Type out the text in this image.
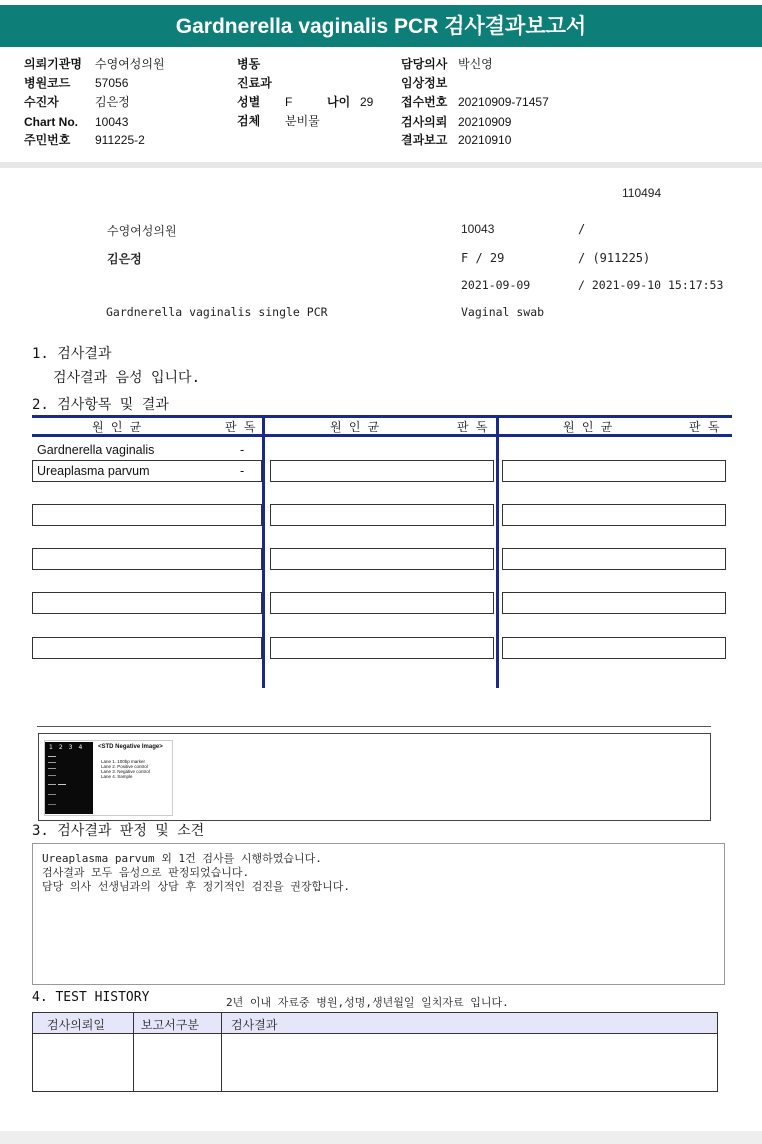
Gardnerella vaginalis PCR 검사결과보고서
의뢰기관명 수영여성의원
병원코드 57056
수진자	김은정
Chart No. 10043
주민번호 911225-2
병동
진료과
성별 F	나이 29
검체 분비물
담당의사 박신영
임상정보
접수번호 20210909-71457
검사의뢰 20210909
결과보고 20210910
110494
수영여성의원	10043	/
김은정	F / 29	/ (911225)
2021-09-09	/ 2021-09-10 15:17:53
Gardnerella vaginalis single PCR	Vaginal swab
1. 검사결과
검사결과 음성 입니다.
2. 검사항목 및 결과
원 인 균	판 독	원 인 균	판 독	원 인 균	판 독
Gardnerella vaginalis	-
Ureaplasma parvum	-
1234 <STD Negative Image>
Lane 1. 100bp marker
Lane 2. Positive control
Lane 3. Negative control
Lane 4. Sample
3. 검사결과 판정 및 소견
Ureaplasma parvum 외 1건 검사를 시행하였습니다.
검사결과 모두 음성으로 판정되었습니다.
담당 의사 선생님과의 상담 후 정기적인 검진을 권장합니다.
4. TEST HISTORY	2년 이내 자료중 병원,성명,생년월일 일치자료 입니다.
검사의뢰일	보고서구분	검사결과
